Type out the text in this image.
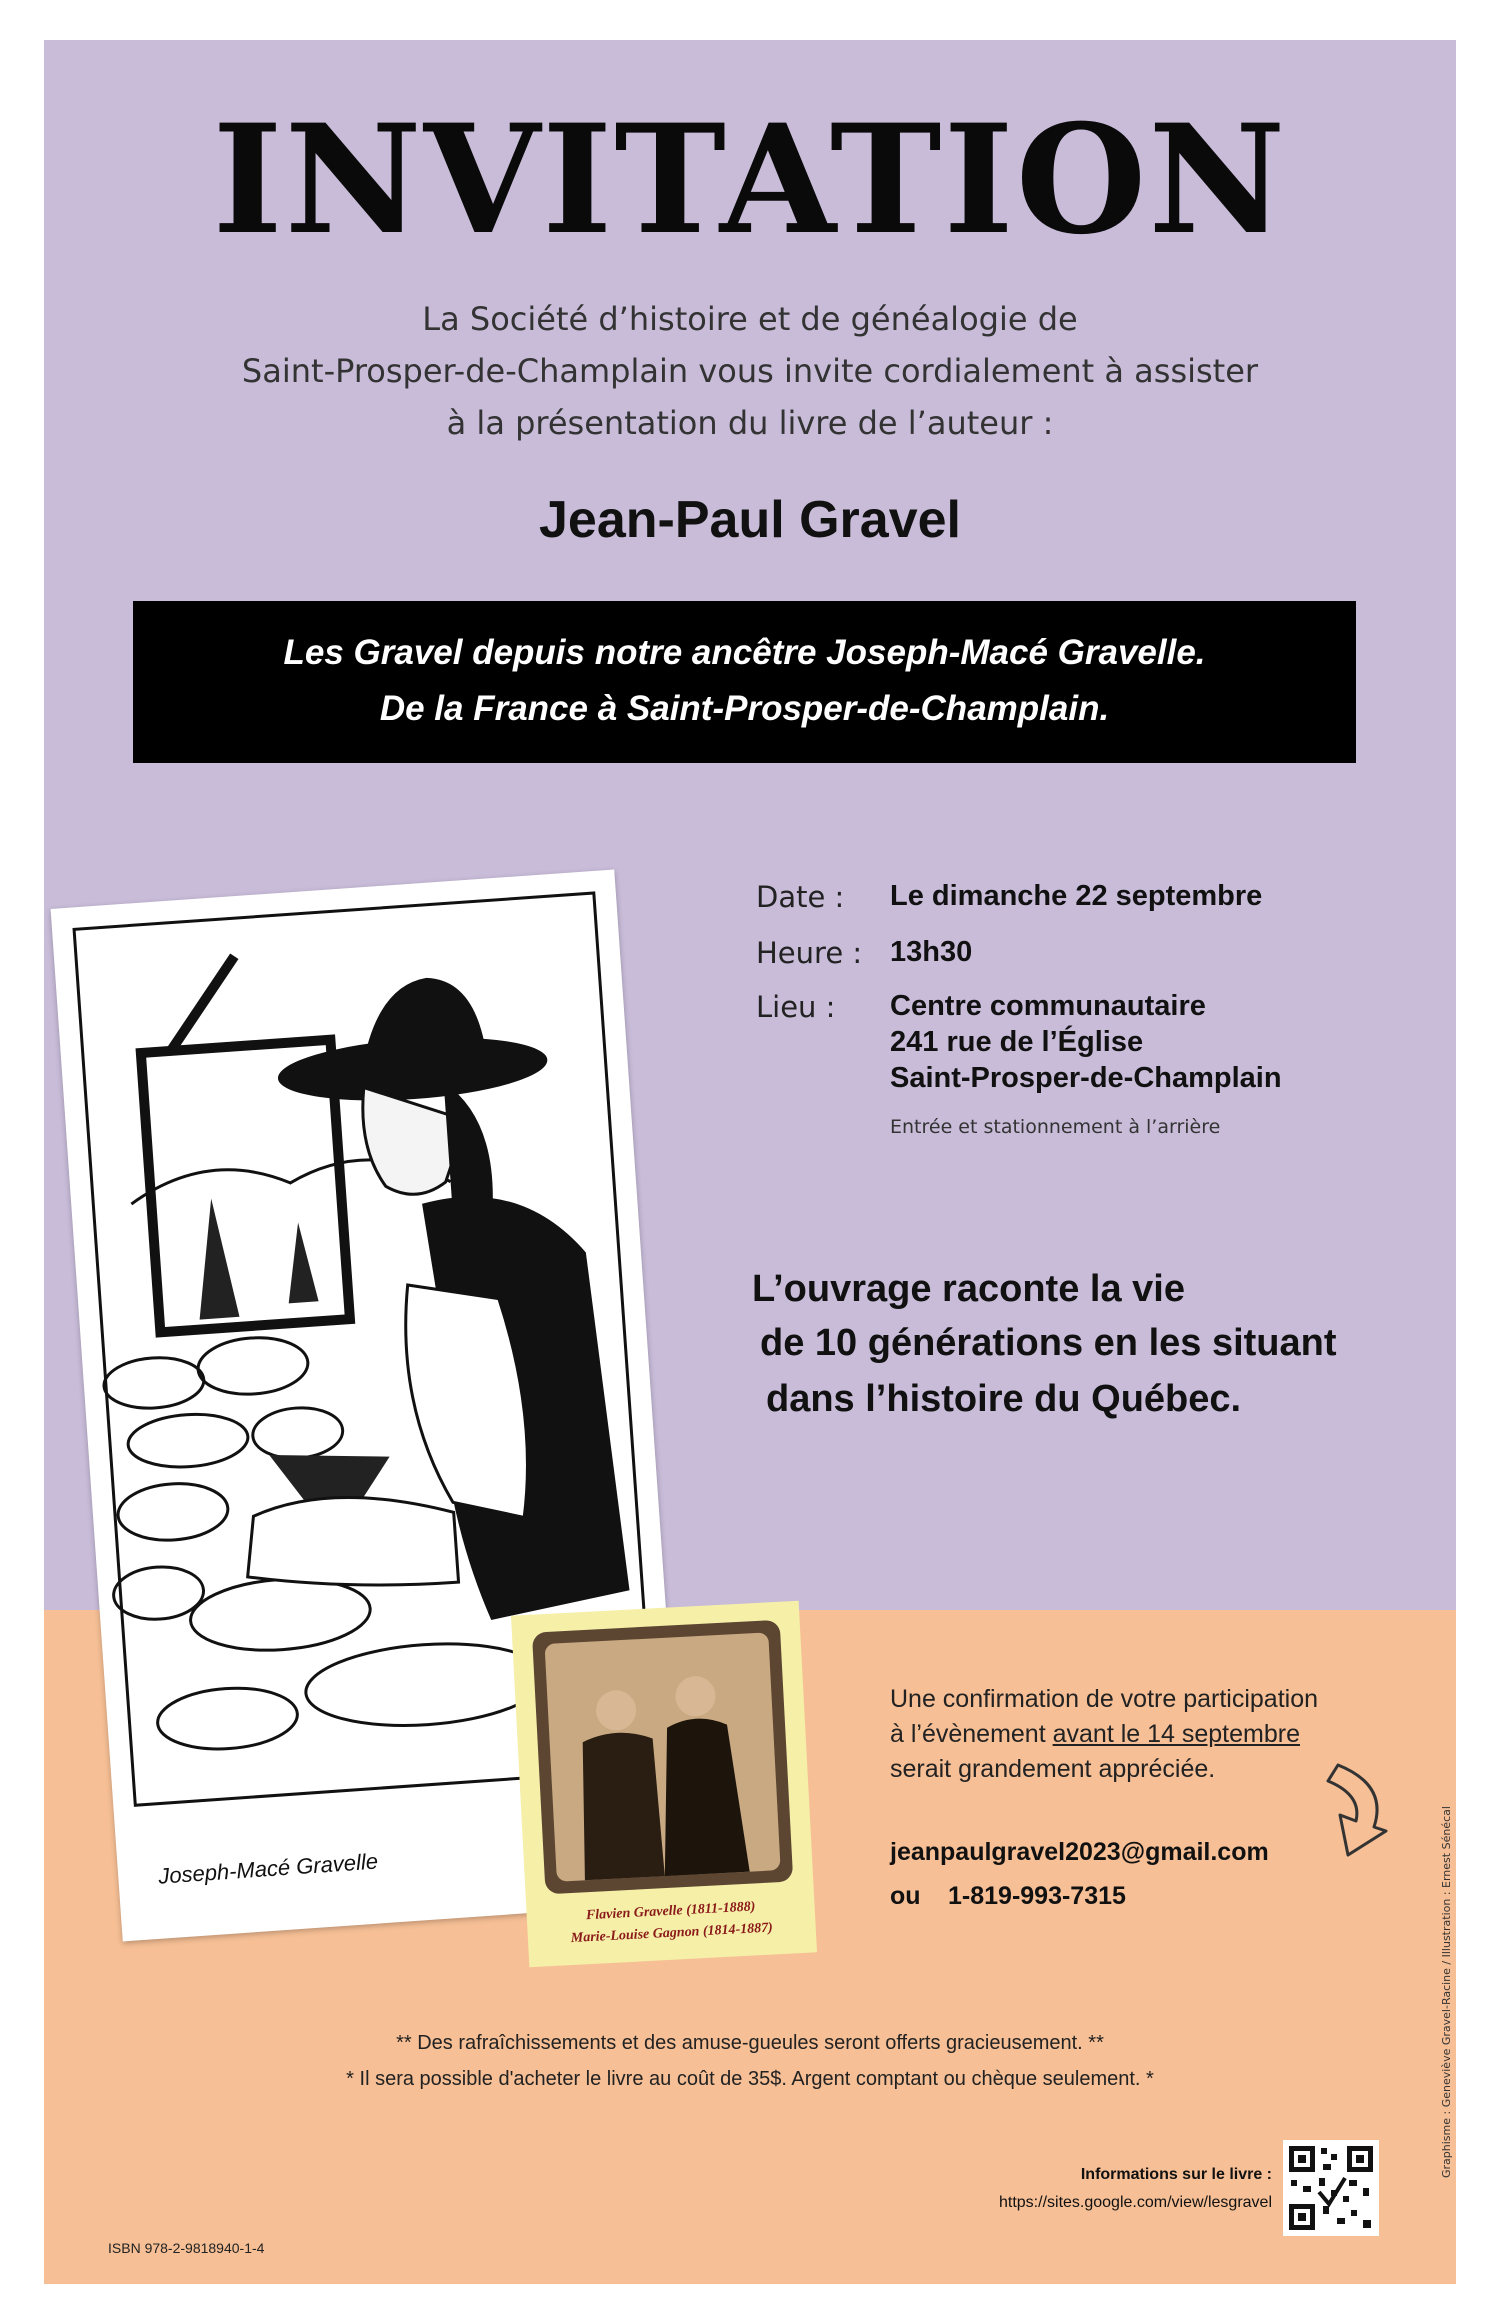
INVITATION
La Société d’histoire et de généalogie de
Saint-Prosper-de-Champlain vous invite cordialement à assister
à la présentation du livre de l’auteur :
Jean-Paul Gravel
Les Gravel depuis notre ancêtre Joseph-Macé Gravelle.
De la France à Saint-Prosper-de-Champlain.
Date : Le dimanche 22 septembre
Heure : 13h30
Lieu : Centre communautaire
241 rue de l’Église
Saint-Prosper-de-Champlain
Entrée et stationnement à l’arrière
L’ouvrage raconte la vie
de 10 générations en les situant
dans l’histoire du Québec.
Joseph-Macé Gravelle
Flavien Gravelle (1811-1888)
Marie-Louise Gagnon (1814-1887)
Une confirmation de votre participation
à l’évènement avant le 14 septembre
serait grandement appréciée.
jeanpaulgravel2023@gmail.com
ou 1-819-993-7315
** Des rafraîchissements et des amuse-gueules seront offerts gracieusement. **
* Il sera possible d'acheter le livre au coût de 35$. Argent comptant ou chèque seulement. *
Informations sur le livre :
https://sites.google.com/view/lesgravel
ISBN 978-2-9818940-1-4
Graphisme : Geneviève Gravel-Racine / Illustration : Ernest Sénécal
